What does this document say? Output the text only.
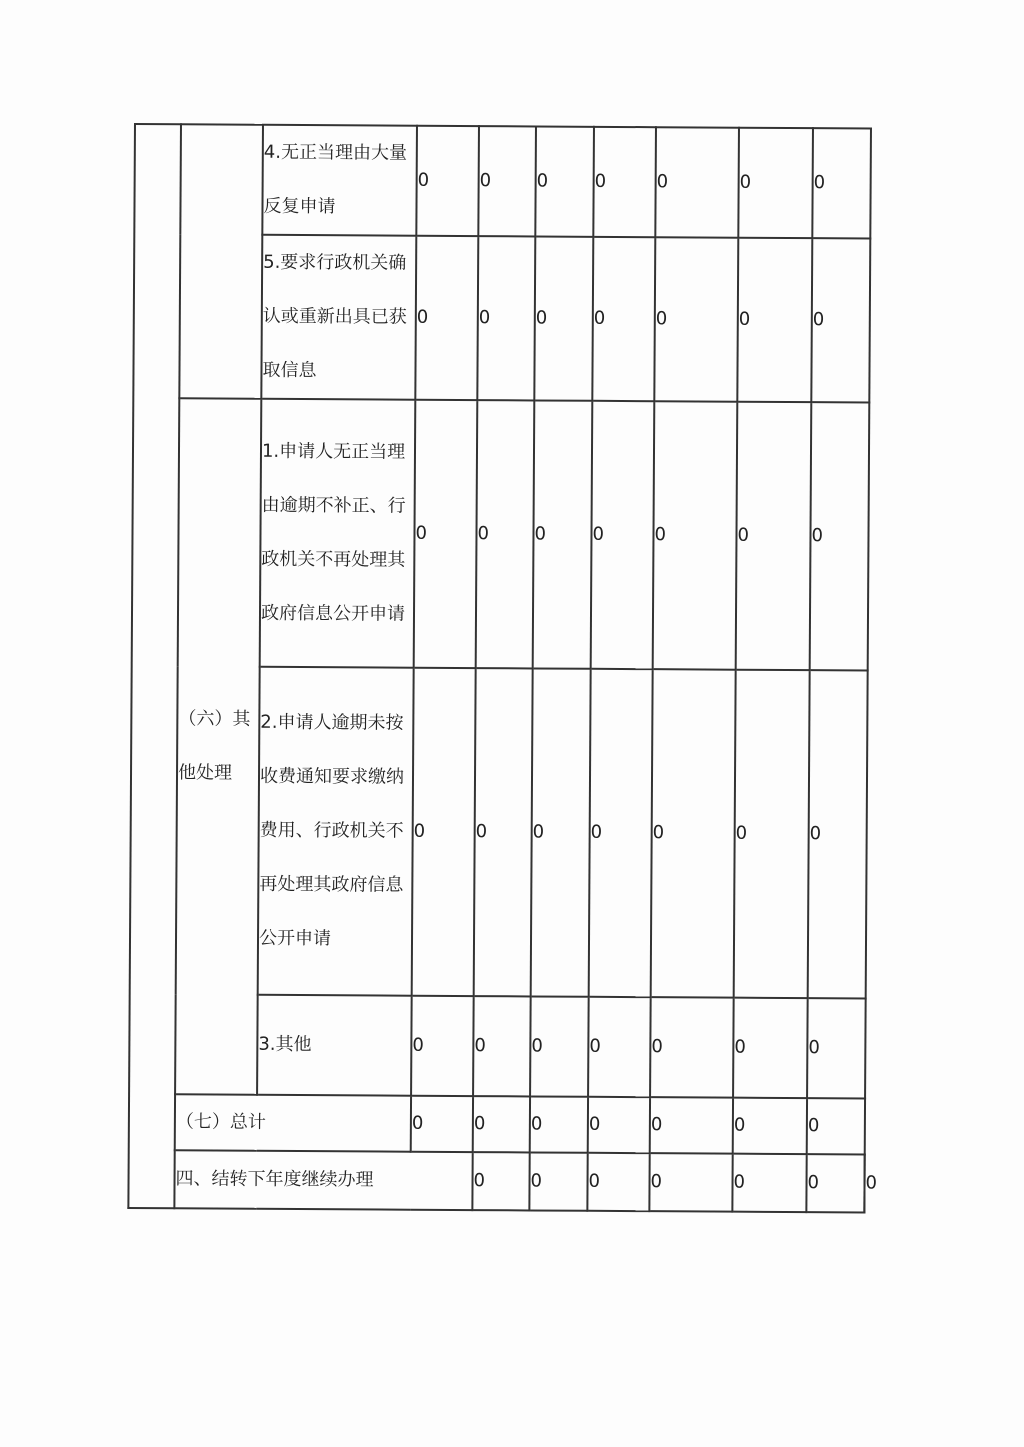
		4.无正当理由大量反复申请	0	0	0	0	0	0	0	

		5.要求行政机关确认或重新出具已获取信息	0	0	0	0	0	0	0	

	（六）其他处理	1.申请人无正当理由逾期不补正、行政机关不再处理其政府信息公开申请	0	0	0	0	0	0	0	

		2.申请人逾期未按收费通知要求缴纳费用、行政机关不再处理其政府信息公开申请	0	0	0	0	0	0	0	

		3.其他	0	0	0	0	0	0	0	
	（七）总计		0	0	0	0	0	0	0	
	四、结转下年度继续办理			0	0	0	0	0	0	0
